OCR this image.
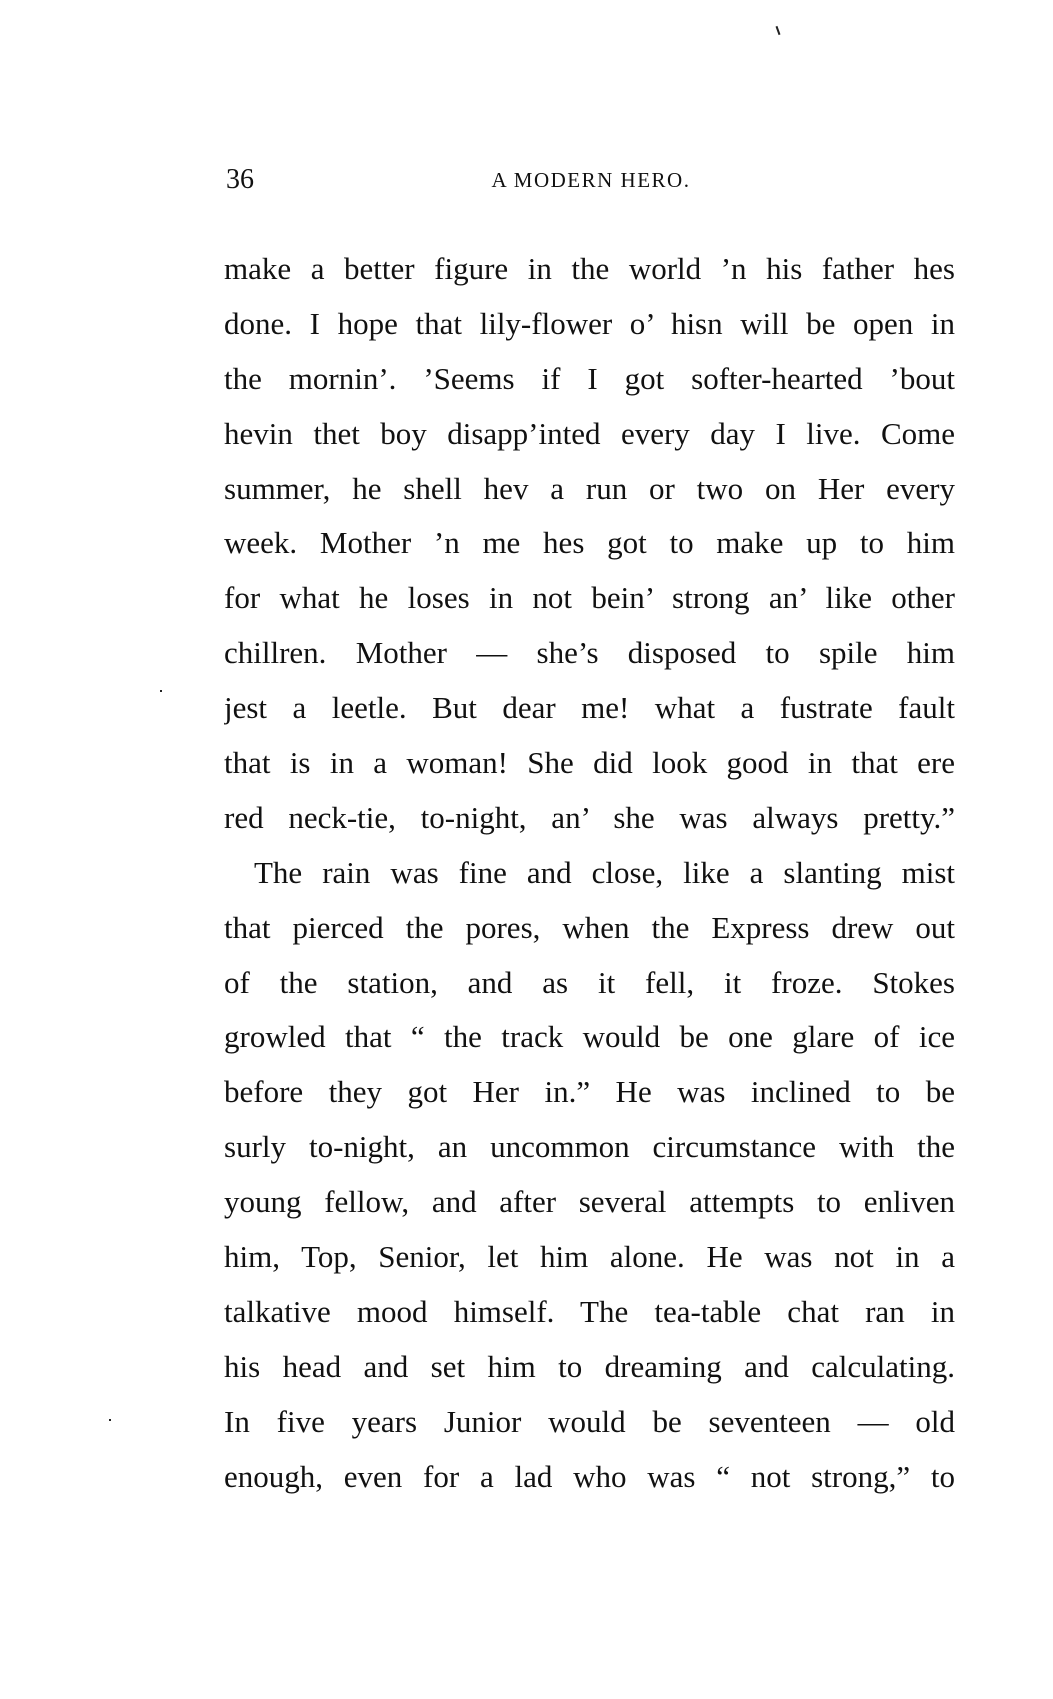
36	A MODERN HERO.
make a better figure in the world ’n his father hes
done. I hope that lily-flower o’ hisn will be open in
the mornin’. ’Seems if I got softer-hearted ’bout
hevin thet boy disapp’inted every day I live. Come
summer, he shell hev a run or two on Her every
week. Mother ’n me hes got to make up to him
for what he loses in not bein’ strong an’ like other
chillren. Mother — she’s disposed to spile him
jest a leetle. But dear me! what a fustrate fault
that is in a woman! She did look good in that ere
red neck-tie, to-night, an’ she was always pretty.”
The rain was fine and close, like a slanting mist
that pierced the pores, when the Express drew out
of the station, and as it fell, it froze. Stokes
growled that “ the track would be one glare of ice
before they got Her in.” He was inclined to be
surly to-night, an uncommon circumstance with the
young fellow, and after several attempts to enliven
him, Top, Senior, let him alone. He was not in a
talkative mood himself. The tea-table chat ran in
his head and set him to dreaming and calculating.
In five years Junior would be seventeen — old
enough, even for a lad who was “ not strong,” to
